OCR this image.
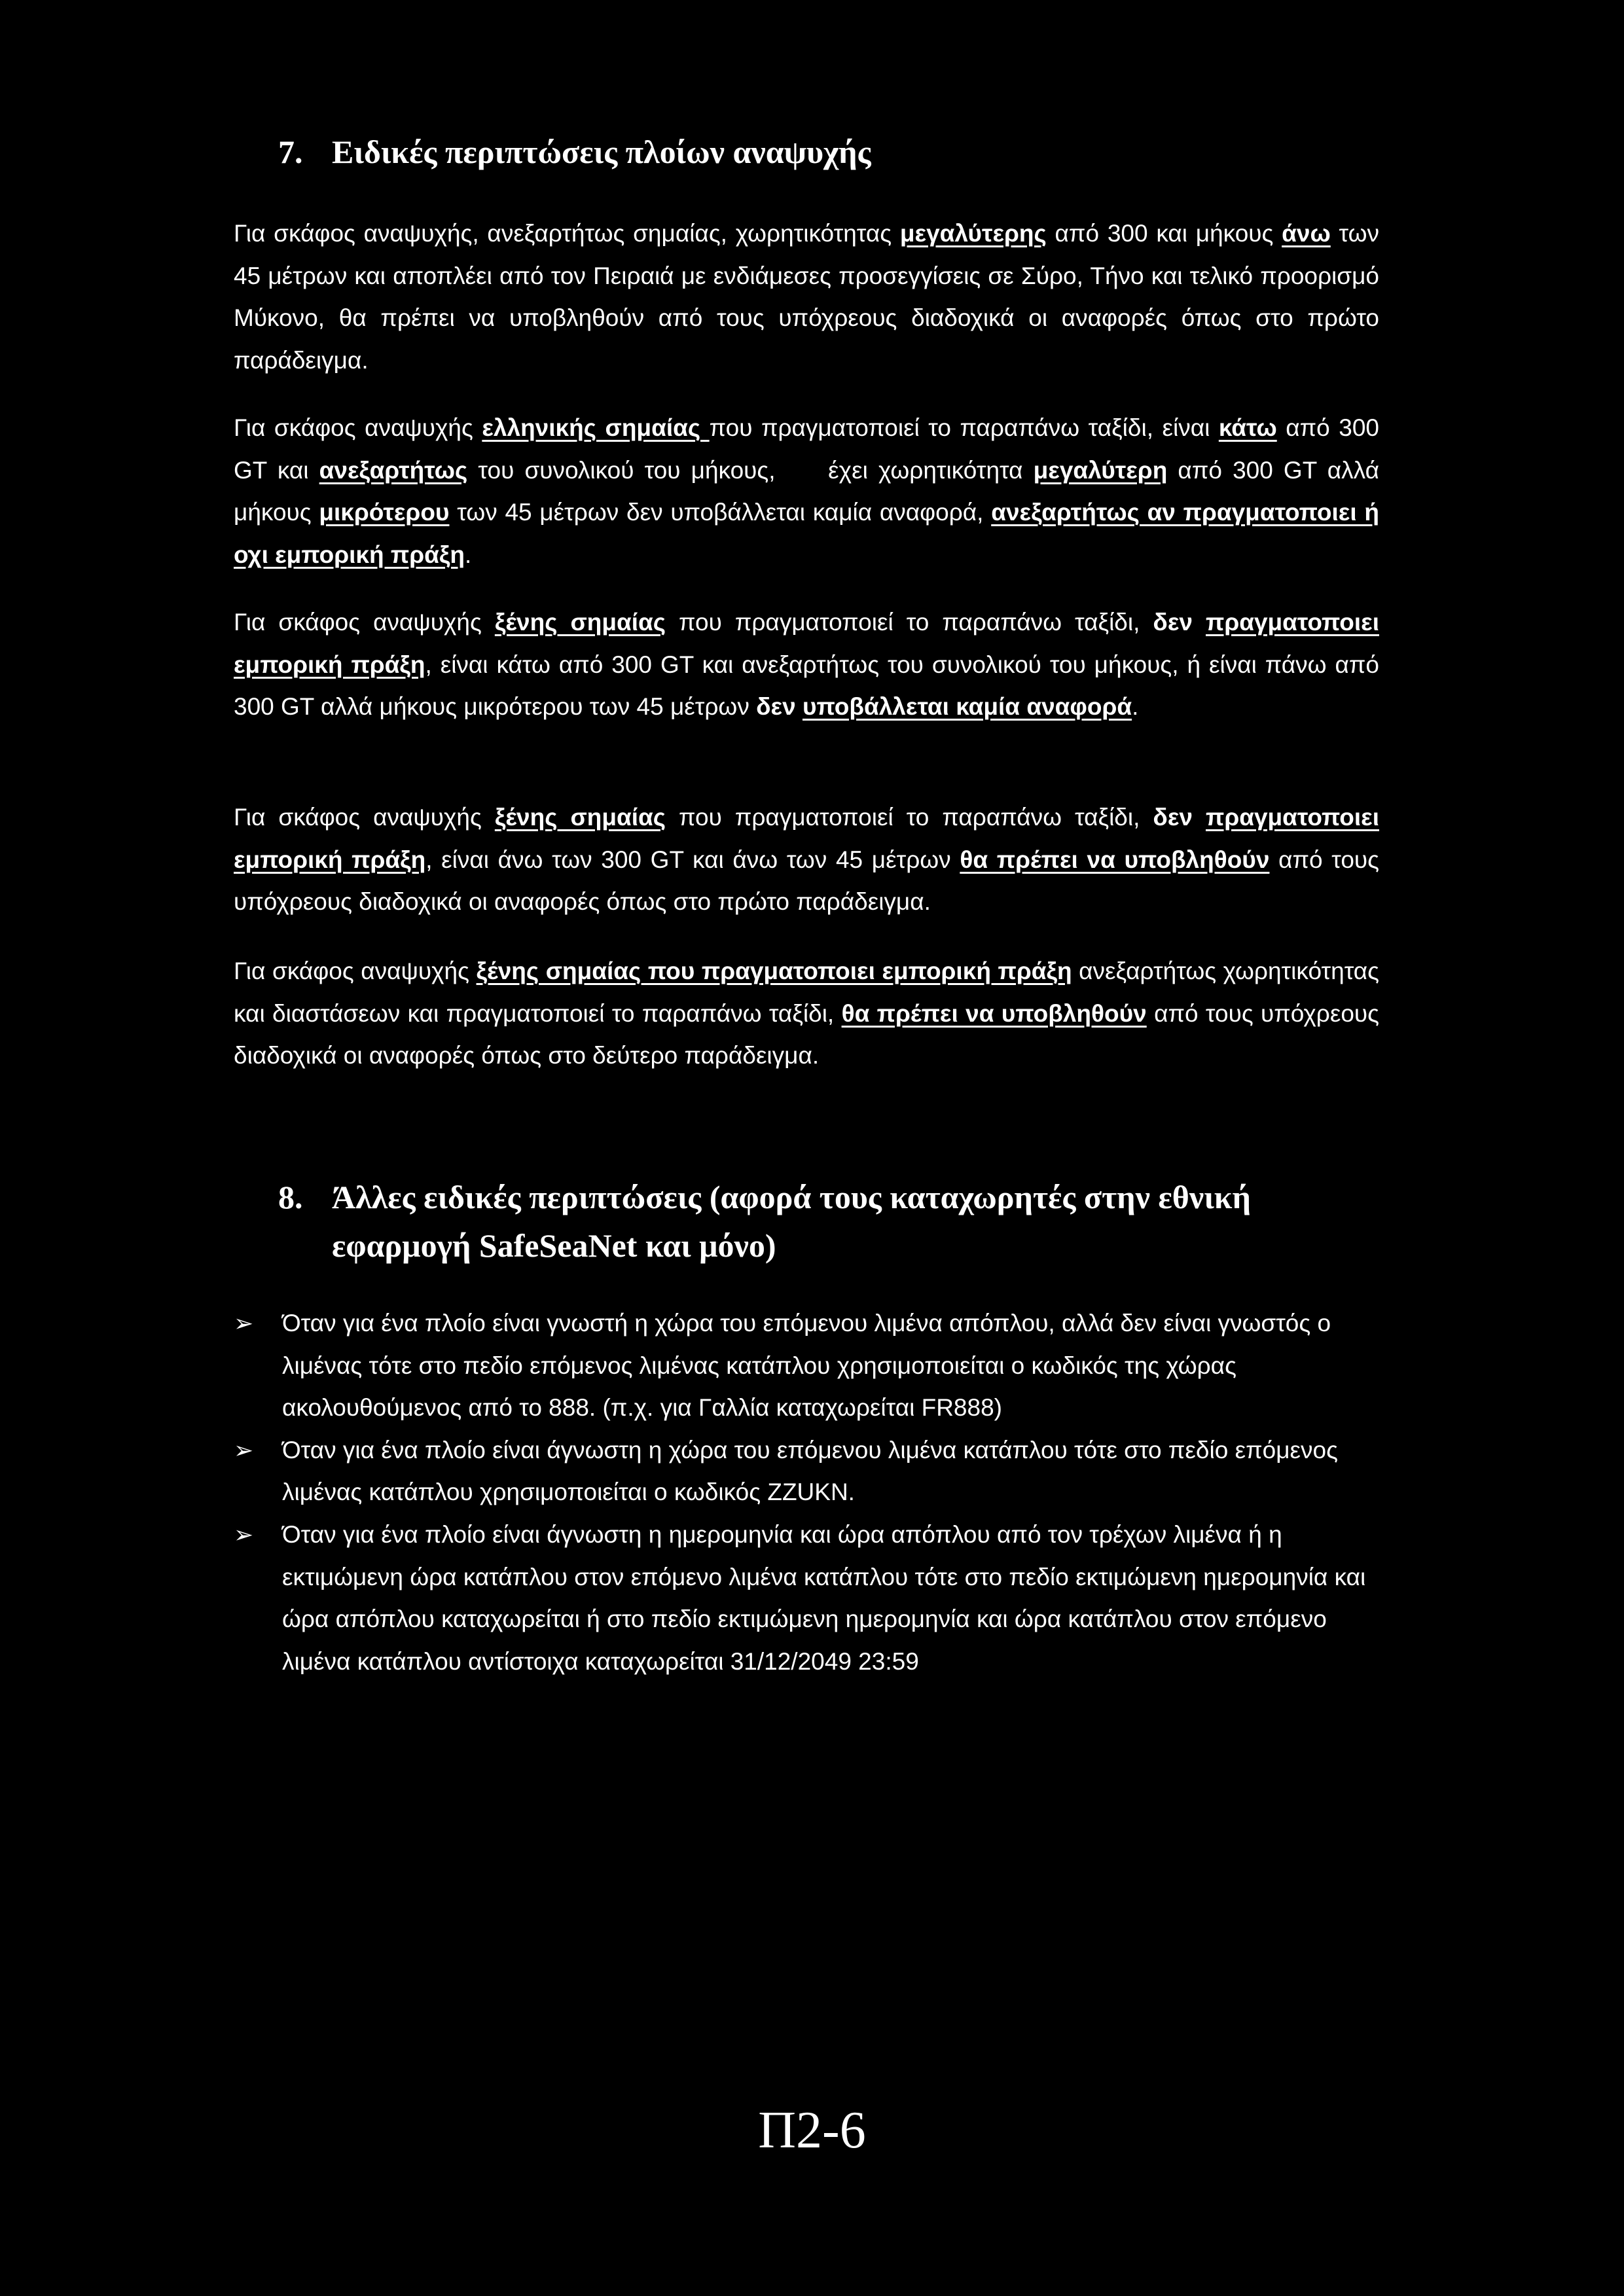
7. Ειδικές περιπτώσεις πλοίων αναψυχής

Για σκάφος αναψυχής, ανεξαρτήτως σημαίας, χωρητικότητας μεγαλύτερης από 300 και μήκους άνω των 45 μέτρων και αποπλέει από τον Πειραιά με ενδιάμεσες προσεγγίσεις σε Σύρο, Τήνο και τελικό προορισμό Μύκονο, θα πρέπει να υποβληθούν από τους υπόχρεους διαδοχικά οι αναφορές όπως στο πρώτο παράδειγμα.

Για σκάφος αναψυχής ελληνικής σημαίας που πραγματοποιεί το παραπάνω ταξίδι, είναι κάτω από 300 GT και ανεξαρτήτως του συνολικού του μήκους,     έχει χωρητικότητα μεγαλύτερη από 300 GT αλλά μήκους μικρότερου των 45 μέτρων δεν υποβάλλεται καμία αναφορά, ανεξαρτήτως αν πραγματοποιει ή οχι εμπορική πράξη.

Για σκάφος αναψυχής ξένης σημαίας που πραγματοποιεί το παραπάνω ταξίδι, δεν πραγματοποιει εμπορική πράξη, είναι κάτω από 300 GT και ανεξαρτήτως του συνολικού του μήκους, ή είναι πάνω από 300 GT αλλά μήκους μικρότερου των 45 μέτρων δεν υποβάλλεται καμία αναφορά.

Για σκάφος αναψυχής ξένης σημαίας που πραγματοποιεί το παραπάνω ταξίδι, δεν πραγματοποιει εμπορική πράξη, είναι άνω των 300 GT και άνω των 45 μέτρων θα πρέπει να υποβληθούν από τους υπόχρεους διαδοχικά οι αναφορές όπως στο πρώτο παράδειγμα.

Για σκάφος αναψυχής ξένης σημαίας που πραγματοποιει εμπορική πράξη ανεξαρτήτως χωρητικότητας και διαστάσεων και πραγματοποιεί το παραπάνω ταξίδι, θα πρέπει να υποβληθούν από τους υπόχρεους διαδοχικά οι αναφορές όπως στο δεύτερο παράδειγμα.

8. Άλλες ειδικές περιπτώσεις (αφορά τους καταχωρητές στην εθνική εφαρμογή SafeSeaNet και μόνο)
➢	Όταν για ένα πλοίο είναι γνωστή η χώρα του επόμενου λιμένα απόπλου, αλλά δεν είναι γνωστός ο λιμένας τότε στο πεδίο επόμενος λιμένας κατάπλου χρησιμοποιείται ο κωδικός της χώρας ακολουθούμενος από το 888. (π.χ. για Γαλλία καταχωρείται FR888)
➢	Όταν για ένα πλοίο είναι άγνωστη η χώρα του επόμενου λιμένα κατάπλου τότε στο πεδίο επόμενος λιμένας κατάπλου χρησιμοποιείται ο κωδικός ZZUKN.
➢	Όταν για ένα πλοίο είναι άγνωστη η ημερομηνία και ώρα απόπλου από τον τρέχων λιμένα ή η εκτιμώμενη ώρα κατάπλου στον επόμενο λιμένα κατάπλου τότε στο πεδίο εκτιμώμενη ημερομηνία και ώρα απόπλου καταχωρείται ή στο πεδίο εκτιμώμενη ημερομηνία και ώρα κατάπλου στον επόμενο λιμένα κατάπλου αντίστοιχα καταχωρείται 31/12/2049 23:59

Π2-6
